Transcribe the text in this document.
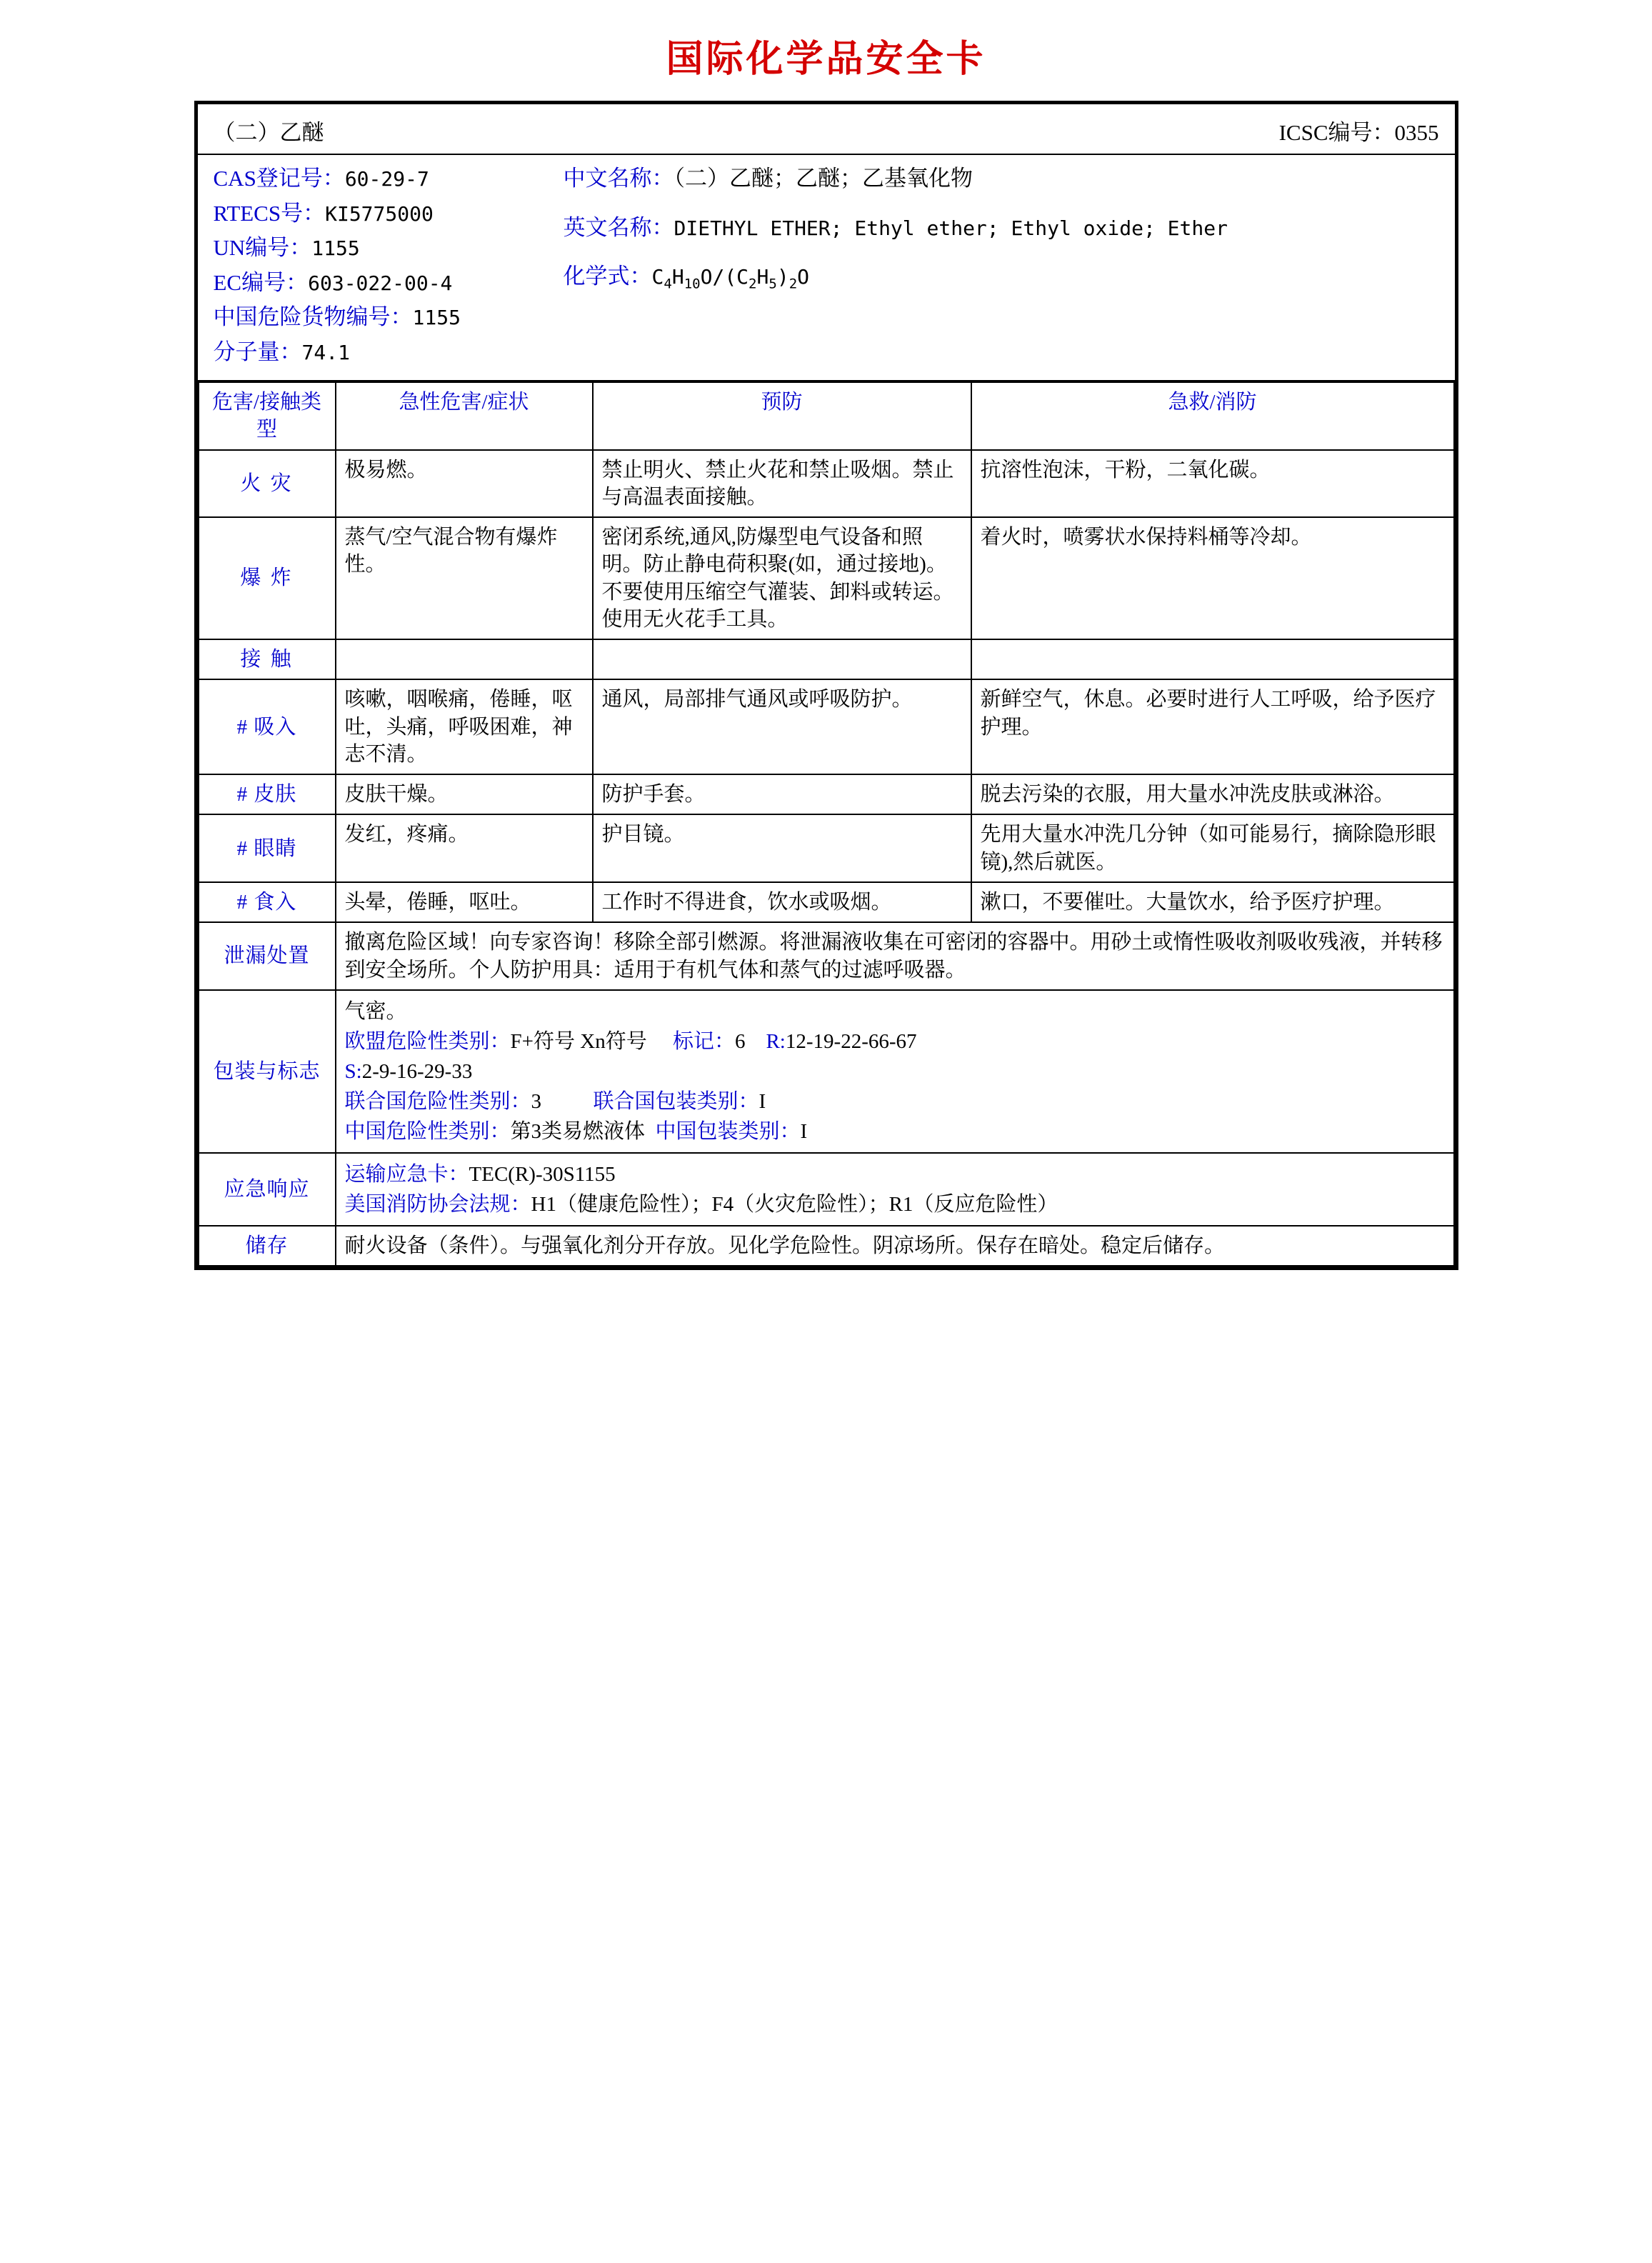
国际化学品安全卡
（二）乙醚	ICSC编号：0355
CAS登记号：60-29-7
RTECS号：KI5775000
UN编号：1155
EC编号：603-022-00-4
中国危险货物编号：1155
分子量：74.1
中文名称：（二）乙醚；乙醚；乙基氧化物
英文名称：DIETHYL ETHER; Ethyl ether; Ethyl oxide; Ether
化学式：$C_4H_{10}O/(C_2H_5)_2O$
危害/接触类型	急性危害/症状	预防	急救/消防
火 灾	极易燃。	禁止明火、禁止火花和禁止吸烟。禁止与高温表面接触。	抗溶性泡沫，干粉，二氧化碳。
爆 炸	蒸气/空气混合物有爆炸性。	密闭系统,通风,防爆型电气设备和照明。防止静电荷积聚(如，通过接地)。不要使用压缩空气灌装、卸料或转运。使用无火花手工具。	着火时，喷雾状水保持料桶等冷却。
接 触			
# 吸入	咳嗽，咽喉痛，倦睡，呕吐，头痛，呼吸困难，神志不清。	通风，局部排气通风或呼吸防护。	新鲜空气，休息。必要时进行人工呼吸，给予医疗护理。
# 皮肤	皮肤干燥。	防护手套。	脱去污染的衣服，用大量水冲洗皮肤或淋浴。
# 眼睛	发红，疼痛。	护目镜。	先用大量水冲洗几分钟（如可能易行，摘除隐形眼镜),然后就医。
# 食入	头晕，倦睡，呕吐。	工作时不得进食，饮水或吸烟。	漱口，不要催吐。大量饮水，给予医疗护理。
泄漏处置	撤离危险区域！向专家咨询！移除全部引燃源。将泄漏液收集在可密闭的容器中。用砂土或惰性吸收剂吸收残液，并转移到安全场所。个人防护用具：适用于有机气体和蒸气的过滤呼吸器。		
包装与标志	气密。
欧盟危险性类别：F+符号 Xn符号 标记：6 R:12-19-22-66-67
S:2-9-16-29-33
联合国危险性类别：3 联合国包装类别：I
中国危险性类别：第3类易燃液体 中国包装类别：I		

应急响应	运输应急卡：TEC(R)-30S1155
美国消防协会法规：H1（健康危险性）；F4（火灾危险性）；R1（反应危险性）		

储存	耐火设备（条件）。与强氧化剂分开存放。见化学危险性。阴凉场所。保存在暗处。稳定后储存。		
